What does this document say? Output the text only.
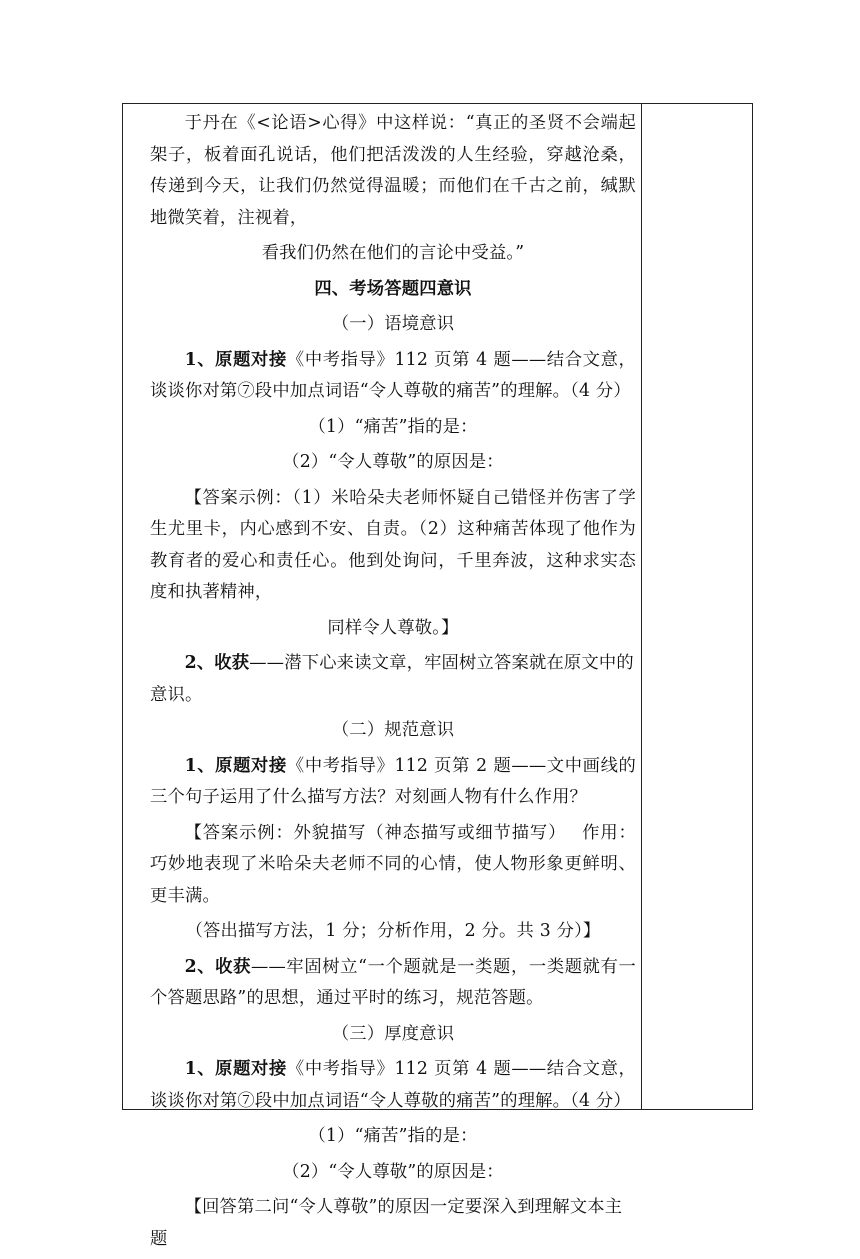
于丹在《<论语>心得》中这样说：“真正的圣贤不会端起架子，板着面孔说话，他们把活泼泼的人生经验，穿越沧桑，传递到今天，让我们仍然觉得温暖；而他们在千古之前，缄默地微笑着，注视着，

看我们仍然在他们的言论中受益。”

四、考场答题四意识

（一）语境意识

1、原题对接《中考指导》112 页第 4 题——结合文意，谈谈你对第⑦段中加点词语“令人尊敬的痛苦”的理解。（4 分）

（1）“痛苦”指的是：

（2）“令人尊敬”的原因是：

【答案示例：（1）米哈朵夫老师怀疑自己错怪并伤害了学生尤里卡，内心感到不安、自责。（2）这种痛苦体现了他作为教育者的爱心和责任心。他到处询问，千里奔波，这种求实态度和执著精神，

同样令人尊敬。】

2、收获——潜下心来读文章，牢固树立答案就在原文中的意识。

（二）规范意识

1、原题对接《中考指导》112 页第 2 题——文中画线的三个句子运用了什么描写方法？对刻画人物有什么作用？

【答案示例：外貌描写（神态描写或细节描写）　 作用：巧妙地表现了米哈朵夫老师不同的心情，使人物形象更鲜明、更丰满。

（答出描写方法，1 分；分析作用，2 分。共 3 分）】

2、收获——牢固树立“一个题就是一类题，一类题就有一个答题思路”的思想，通过平时的练习，规范答题。

（三）厚度意识

1、原题对接《中考指导》112 页第 4 题——结合文意，谈谈你对第⑦段中加点词语“令人尊敬的痛苦”的理解。（4 分）

（1）“痛苦”指的是：

（2）“令人尊敬”的原因是：

【回答第二问“令人尊敬”的原因一定要深入到理解文本主题
